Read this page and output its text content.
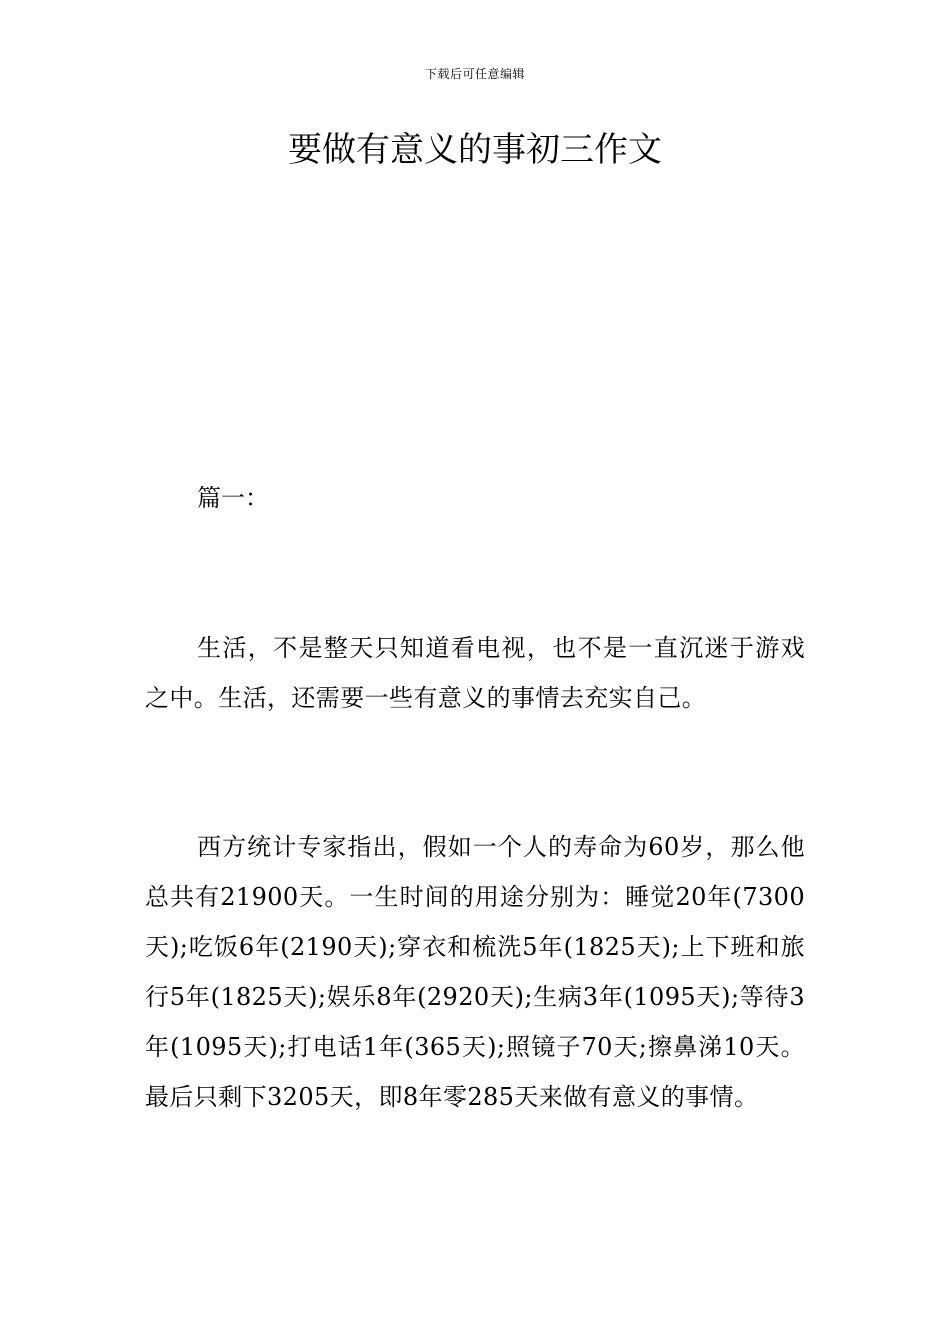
下载后可任意编辑
要做有意义的事初三作文

篇一：

生活，不是整天只知道看电视，也不是一直沉迷于游戏之中。生活，还需要一些有意义的事情去充实自己。

西方统计专家指出，假如一个人的寿命为60岁，那么他总共有21900天。一生时间的用途分别为：睡觉20年(7300天);吃饭6年(2190天);穿衣和梳洗5年(1825天);上下班和旅行5年(1825天);娱乐8年(2920天);生病3年(1095天);等待3年(1095天);打电话1年(365天);照镜子70天;擦鼻涕10天。最后只剩下3205天，即8年零285天来做有意义的事情。
